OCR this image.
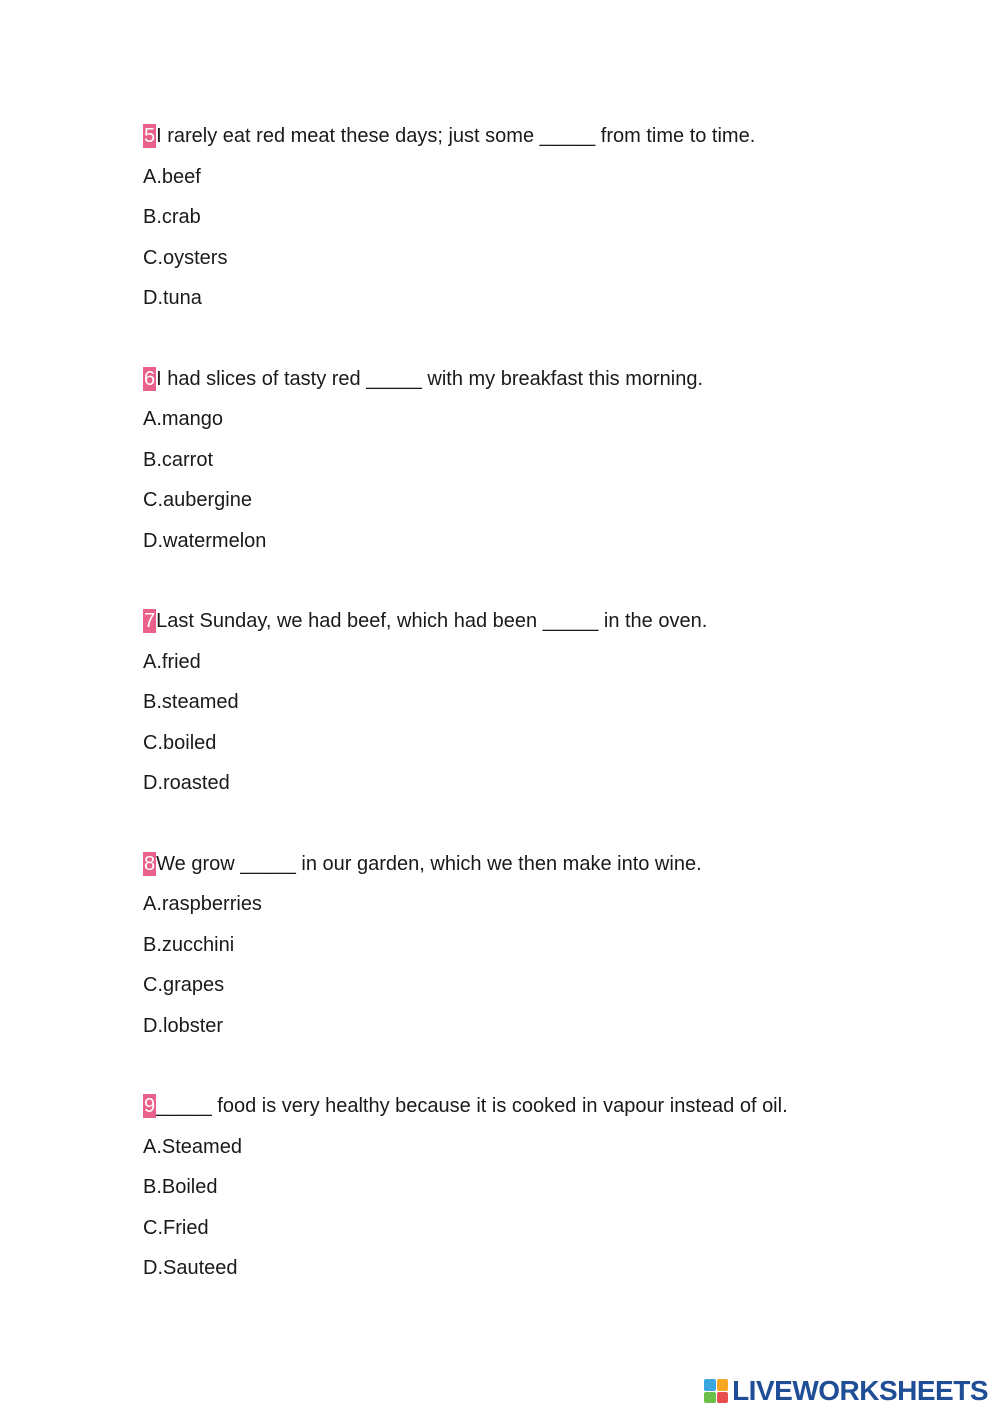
5I rarely eat red meat these days; just some _____ from time to time.
A.beef
B.crab
C.oysters
D.tuna
6I had slices of tasty red _____ with my breakfast this morning.
A.mango
B.carrot
C.aubergine
D.watermelon
7Last Sunday, we had beef, which had been _____ in the oven.
A.fried
B.steamed
C.boiled
D.roasted
8We grow _____ in our garden, which we then make into wine.
A.raspberries
B.zucchini
C.grapes
D.lobster
9_____ food is very healthy because it is cooked in vapour instead of oil.
A.Steamed
B.Boiled
C.Fried
D.Sauteed
LIVEWORKSHEETS
